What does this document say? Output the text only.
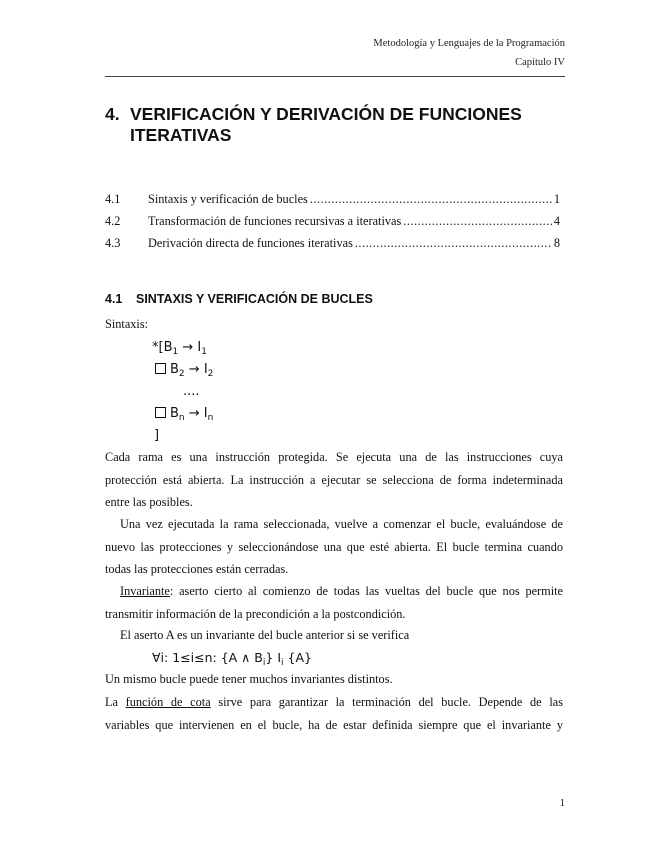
Metodología y Lenguajes de la Programación
Capítulo IV
4. VERIFICACIÓN Y DERIVACIÓN DE FUNCIONES
ITERATIVAS
4.1 Sintaxis y verificación de bucles .....	1
4.2 Transformación de funciones recursivas a iterativas .....	4
4.3 Derivación directa de funciones iterativas .....	8
4.1 SINTAXIS Y VERIFICACIÓN DE BUCLES
Sintaxis:
$*[B_1 \to I_1$
$B_2 \to I_2$
....
$B_n \to I_n$
]
Cada rama es una instrucción protegida. Se ejecuta una de las instrucciones cuya
protección está abierta. La instrucción a ejecutar se selecciona de forma indeterminada
entre las posibles.
Una vez ejecutada la rama seleccionada, vuelve a comenzar el bucle, evaluándose de
nuevo las protecciones y seleccionándose una que esté abierta. El bucle termina cuando
todas las protecciones están cerradas.
Invariante: aserto cierto al comienzo de todas las vueltas del bucle que nos permite
transmitir información de la precondición a la postcondición.
El aserto A es un invariante del bucle anterior si se verifica
∀i: 1≤i≤n: {A ∧ $B_i$} $I_i$ {A}
Un mismo bucle puede tener muchos invariantes distintos.
La función de cota sirve para garantizar la terminación del bucle. Depende de las
variables que intervienen en el bucle, ha de estar definida siempre que el invariante y
1
